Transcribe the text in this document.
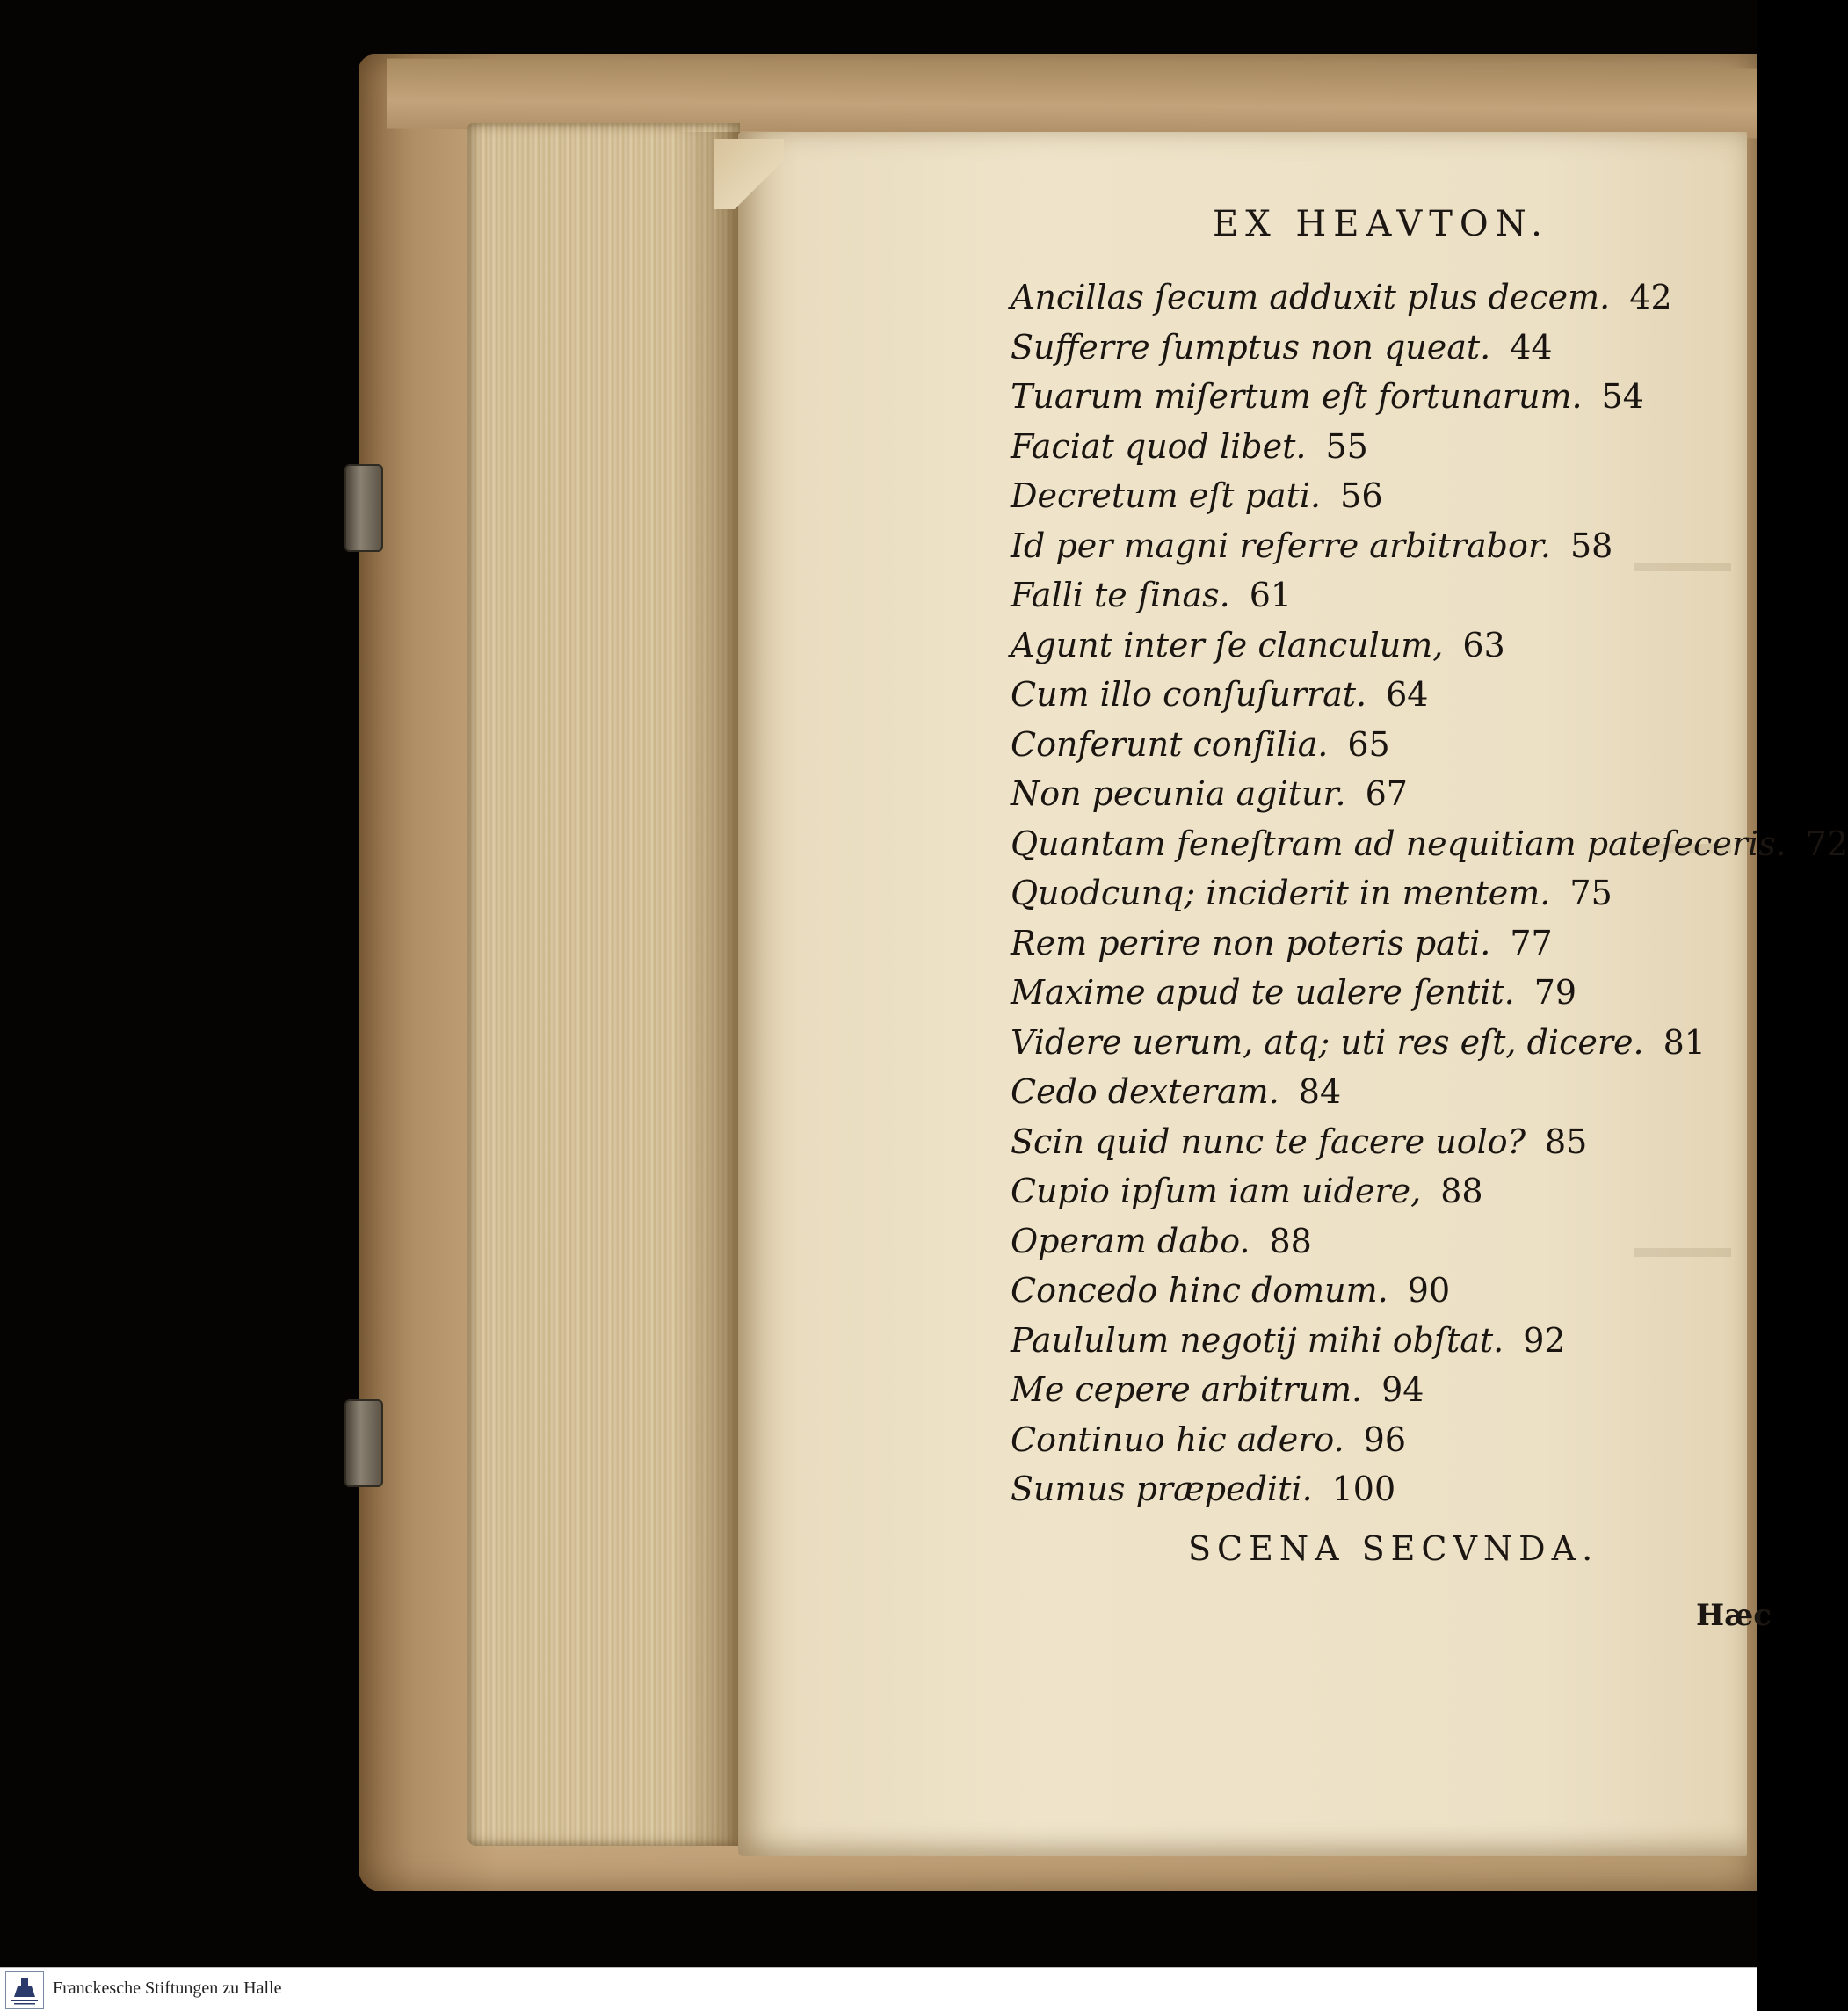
EX HEAVTON.
Ancillas ſecum adduxit plus decem. 42
Sufferre ſumptus non queat. 44
Tuarum miſertum eſt fortunarum. 54
Faciat quod libet. 55
Decretum eſt pati. 56
Id per magni referre arbitrabor. 58
Falli te ſinas. 61
Agunt inter ſe clanculum, 63
Cum illo conſuſurrat. 64
Conferunt conſilia. 65
Non pecunia agitur. 67
Quantam feneſtram ad nequitiam pateſeceris. 72
Quodcunq; inciderit in mentem. 75
Rem perire non poteris pati. 77
Maxime apud te ualere ſentit. 79
Videre uerum, atq; uti res eſt, dicere. 81
Cedo dexteram. 84
Scin quid nunc te facere uolo? 85
Cupio ipſum iam uidere, 88
Operam dabo. 88
Concedo hinc domum. 90
Paululum negotij mihi obſtat. 92
Me cepere arbitrum. 94
Continuo hic adero. 96
Sumus præpediti. 100
SCENA SECVNDA.
Hæc
Franckesche Stiftungen zu Halle
